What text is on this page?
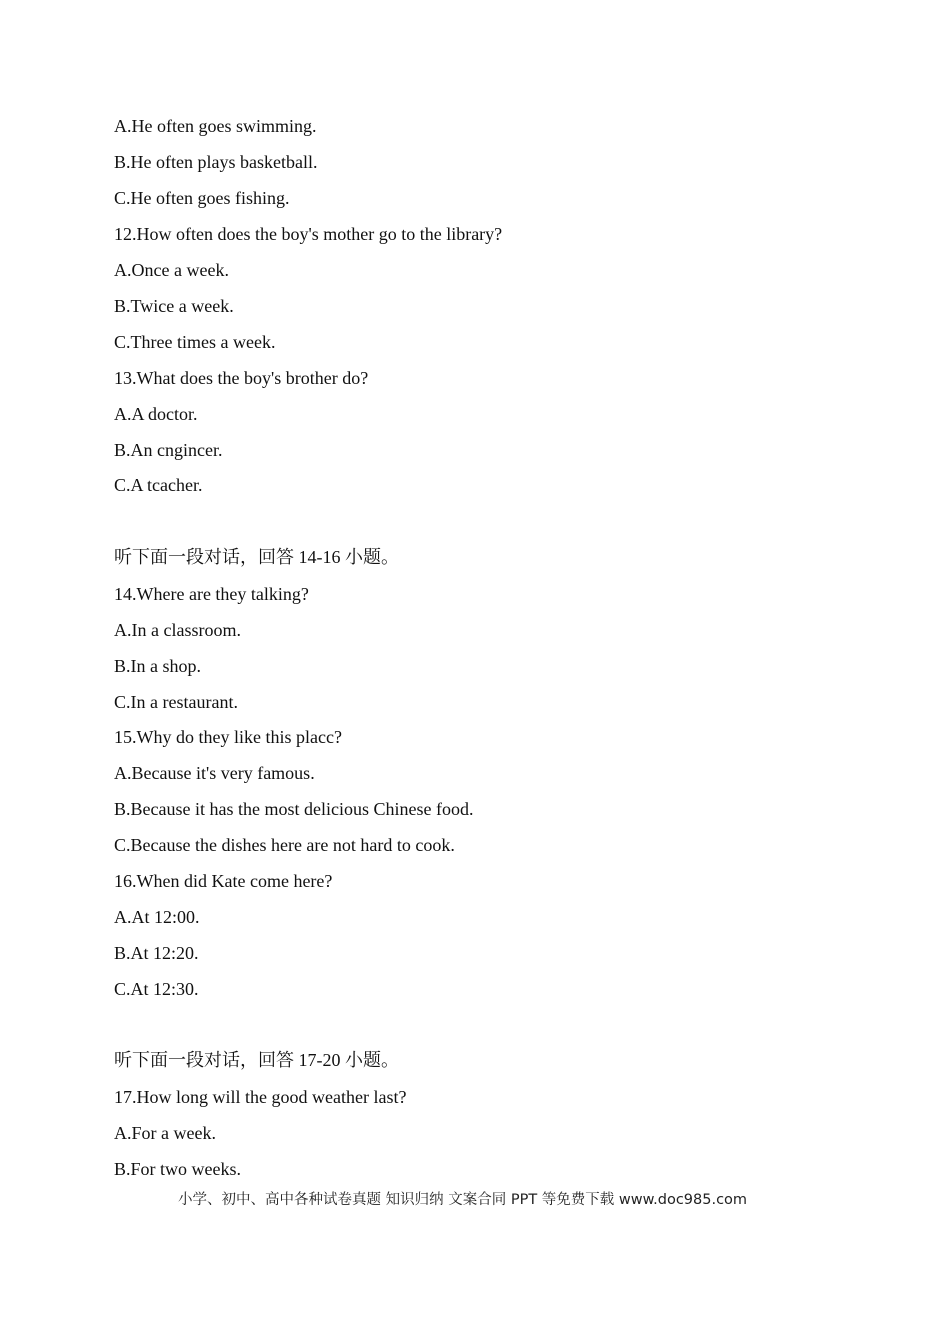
A.He often goes swimming.
B.He often plays basketball.
C.He often goes fishing.
12.How often does the boy's mother go to the library?
A.Once a week.
B.Twice a week.
C.Three times a week.
13.What does the boy's brother do?
A.A doctor.
B.An cngincer.
C.A tcacher.
听下面一段对话，回答 14-16 小题。
14.Where are they talking?
A.In a classroom.
B.In a shop.
C.In a restaurant.
15.Why do they like this placc?
A.Because it's very famous.
B.Because it has the most delicious Chinese food.
C.Because the dishes here are not hard to cook.
16.When did Kate come here?
A.At 12:00.
B.At 12:20.
C.At 12:30.
听下面一段对话，回答 17-20 小题。
17.How long will the good weather last?
A.For a week.
B.For two weeks.
小学、初中、高中各种试卷真题 知识归纳 文案合同 PPT 等免费下载 www.doc985.com
